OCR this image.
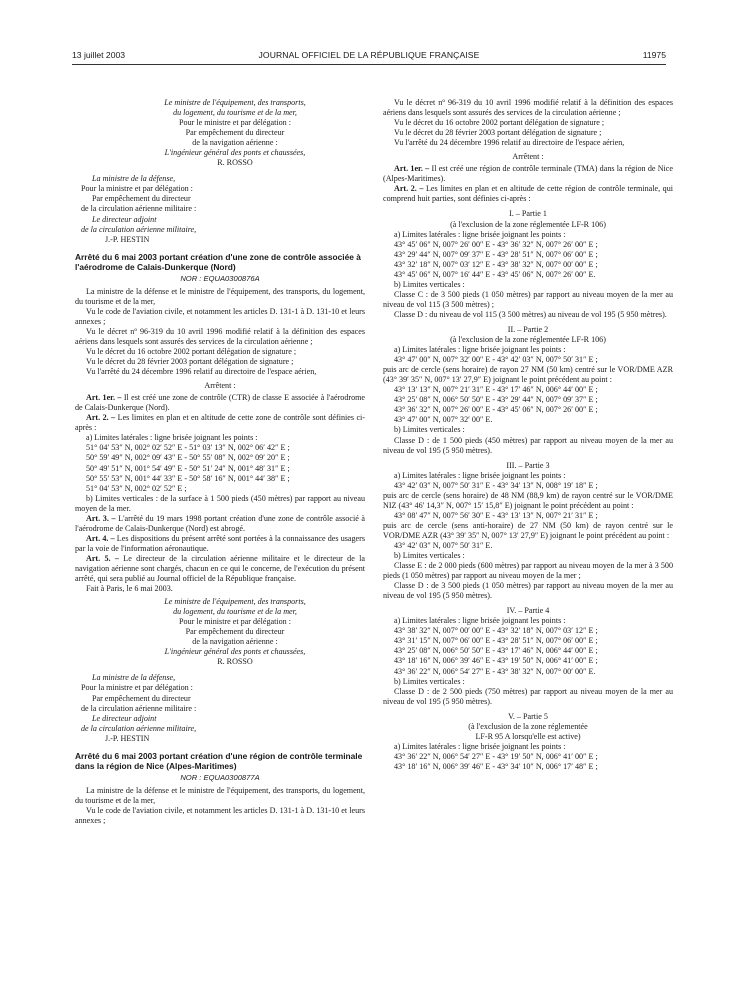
13 juillet 2003	JOURNAL OFFICIEL DE LA RÉPUBLIQUE FRANÇAISE	11975

Le ministre de l'équipement, des transports,

du logement, du tourisme et de la mer,

Pour le ministre et par délégation :

Par empêchement du directeur

de la navigation aérienne :

L'ingénieur général des ponts et chaussées,

R. ROSSO

La ministre de la défense,

Pour la ministre et par délégation :

Par empêchement du directeur

de la circulation aérienne militaire :

Le directeur adjoint

de la circulation aérienne militaire,

J.-P. HESTIN

Arrêté du 6 mai 2003 portant création d'une zone de contrôle associée à l'aérodrome de Calais-Dunkerque (Nord)

NOR : EQUA0300876A

La ministre de la défense et le ministre de l'équipement, des transports, du logement, du tourisme et de la mer,

Vu le code de l'aviation civile, et notamment les articles D. 131-1 à D. 131-10 et leurs annexes ;

Vu le décret nº 96-319 du 10 avril 1996 modifié relatif à la définition des espaces aériens dans lesquels sont assurés des services de la circulation aérienne ;

Vu le décret du 16 octobre 2002 portant délégation de signature ;

Vu le décret du 28 février 2003 portant délégation de signature ;

Vu l'arrêté du 24 décembre 1996 relatif au directoire de l'espace aérien,

Arrêtent :

Art. 1er. – Il est créé une zone de contrôle (CTR) de classe E associée à l'aérodrome de Calais-Dunkerque (Nord).

Art. 2. – Les limites en plan et en altitude de cette zone de contrôle sont définies ci-après :

a) Limites latérales : ligne brisée joignant les points :

51° 04′ 53″ N, 002° 02′ 52″ E - 51° 03′ 13″ N, 002° 06′ 42″ E ;

50° 59′ 49″ N, 002° 09′ 43″ E - 50° 55′ 08″ N, 002° 09′ 20″ E ;

50° 49′ 51″ N, 001° 54′ 49″ E - 50° 51′ 24″ N, 001° 48′ 31″ E ;

50° 55′ 53″ N, 001° 44′ 33″ E - 50° 58′ 16″ N, 001° 44′ 38″ E ;

51° 04′ 53″ N, 002° 02′ 52″ E ;

b) Limites verticales : de la surface à 1 500 pieds (450 mètres) par rapport au niveau moyen de la mer.

Art. 3. – L'arrêté du 19 mars 1998 portant création d'une zone de contrôle associé à l'aérodrome de Calais-Dunkerque (Nord) est abrogé.

Art. 4. – Les dispositions du présent arrêté sont portées à la connaissance des usagers par la voie de l'information aéronautique.

Art. 5. – Le directeur de la circulation aérienne militaire et le directeur de la navigation aérienne sont chargés, chacun en ce qui le concerne, de l'exécution du présent arrêté, qui sera publié au Journal officiel de la République française.

Fait à Paris, le 6 mai 2003.

Le ministre de l'équipement, des transports,

du logement, du tourisme et de la mer,

Pour le ministre et par délégation :

Par empêchement du directeur

de la navigation aérienne :

L'ingénieur général des ponts et chaussées,

R. ROSSO

La ministre de la défense,

Pour la ministre et par délégation :

Par empêchement du directeur

de la circulation aérienne militaire :

Le directeur adjoint

de la circulation aérienne militaire,

J.-P. HESTIN

Arrêté du 6 mai 2003 portant création d'une région de contrôle terminale dans la région de Nice (Alpes-Maritimes)

NOR : EQUA0300877A

La ministre de la défense et le ministre de l'équipement, des transports, du logement, du tourisme et de la mer,

Vu le code de l'aviation civile, et notamment les articles D. 131-1 à D. 131-10 et leurs annexes ;

Vu le décret nº 96-319 du 10 avril 1996 modifié relatif à la définition des espaces aériens dans lesquels sont assurés des services de la circulation aérienne ;

Vu le décret du 16 octobre 2002 portant délégation de signature ;

Vu le décret du 28 février 2003 portant délégation de signature ;

Vu l'arrêté du 24 décembre 1996 relatif au directoire de l'espace aérien,

Arrêtent :

Art. 1er. – Il est créé une région de contrôle terminale (TMA) dans la région de Nice (Alpes-Maritimes).

Art. 2. – Les limites en plan et en altitude de cette région de contrôle terminale, qui comprend huit parties, sont définies ci-après :

I. – Partie 1

(à l'exclusion de la zone réglementée LF-R 106)

a) Limites latérales : ligne brisée joignant les points :

43° 45′ 06″ N, 007° 26′ 00″ E - 43° 36′ 32″ N, 007° 26′ 00″ E ;

43° 29′ 44″ N, 007° 09′ 37″ E - 43° 28′ 51″ N, 007° 06′ 00″ E ;

43° 32′ 18″ N, 007° 03′ 12″ E - 43° 38′ 32″ N, 007° 00′ 00″ E ;

43° 45′ 06″ N, 007° 16′ 44″ E - 43° 45′ 06″ N, 007° 26′ 00″ E.

b) Limites verticales :

Classe C : de 3 500 pieds (1 050 mètres) par rapport au niveau moyen de la mer au niveau de vol 115 (3 500 mètres) ;

Classe D : du niveau de vol 115 (3 500 mètres) au niveau de vol 195 (5 950 mètres).

II. – Partie 2

(à l'exclusion de la zone réglementée LF-R 106)

a) Limites latérales : ligne brisée joignant les points :

43° 47′ 00″ N, 007° 32′ 00″ E - 43° 42′ 03″ N, 007° 50′ 31″ E ;

puis arc de cercle (sens horaire) de rayon 27 NM (50 km) centré sur le VOR/DME AZR (43° 39′ 35″ N, 007° 13′ 27,9″ E) joignant le point précédent au point :

43° 13′ 13″ N, 007° 21′ 31″ E - 43° 17′ 46″ N, 006° 44′ 00″ E ;

43° 25′ 08″ N, 006° 50′ 50″ E - 43° 29′ 44″ N, 007° 09′ 37″ E ;

43° 36′ 32″ N, 007° 26′ 00″ E - 43° 45′ 06″ N, 007° 26′ 00″ E ;

43° 47′ 00″ N, 007° 32′ 00″ E.

b) Limites verticales :

Classe D : de 1 500 pieds (450 mètres) par rapport au niveau moyen de la mer au niveau de vol 195 (5 950 mètres).

III. – Partie 3

a) Limites latérales : ligne brisée joignant les points :

43° 42′ 03″ N, 007° 50′ 31″ E - 43° 34′ 13″ N, 008° 19′ 18″ E ;

puis arc de cercle (sens horaire) de 48 NM (88,9 km) de rayon centré sur le VOR/DME NIZ (43° 46′ 14,3″ N, 007° 15′ 15,8″ E) joignant le point précédent au point :

43° 08′ 47″ N, 007° 56′ 30″ E - 43° 13′ 13″ N, 007° 21′ 31″ E ;

puis arc de cercle (sens anti-horaire) de 27 NM (50 km) de rayon centré sur le VOR/DME AZR (43° 39′ 35″ N, 007° 13′ 27,9″ E) joignant le point précédent au point :

43° 42′ 03″ N, 007° 50′ 31″ E.

b) Limites verticales :

Classe E : de 2 000 pieds (600 mètres) par rapport au niveau moyen de la mer à 3 500 pieds (1 050 mètres) par rapport au niveau moyen de la mer ;

Classe D : de 3 500 pieds (1 050 mètres) par rapport au niveau moyen de la mer au niveau de vol 195 (5 950 mètres).

IV. – Partie 4

a) Limites latérales : ligne brisée joignant les points :

43° 38′ 32″ N, 007° 00′ 00″ E - 43° 32′ 18″ N, 007° 03′ 12″ E ;

43° 31′ 15″ N, 007° 06′ 00″ E - 43° 28′ 51″ N, 007° 06′ 00″ E ;

43° 25′ 08″ N, 006° 50′ 50″ E - 43° 17′ 46″ N, 006° 44′ 00″ E ;

43° 18′ 16″ N, 006° 39′ 46″ E - 43° 19′ 50″ N, 006° 41′ 00″ E ;

43° 36′ 22″ N, 006° 54′ 27″ E - 43° 38′ 32″ N, 007° 00′ 00″ E.

b) Limites verticales :

Classe D : de 2 500 pieds (750 mètres) par rapport au niveau moyen de la mer au niveau de vol 195 (5 950 mètres).

V. – Partie 5

(à l'exclusion de la zone réglementée

LF-R 95 A lorsqu'elle est active)

a) Limites latérales : ligne brisée joignant les points :

43° 36′ 22″ N, 006° 54′ 27″ E - 43° 19′ 50″ N, 006° 41′ 00″ E ;

43° 18′ 16″ N, 006° 39′ 46″ E - 43° 34′ 10″ N, 006° 17′ 48″ E ;
